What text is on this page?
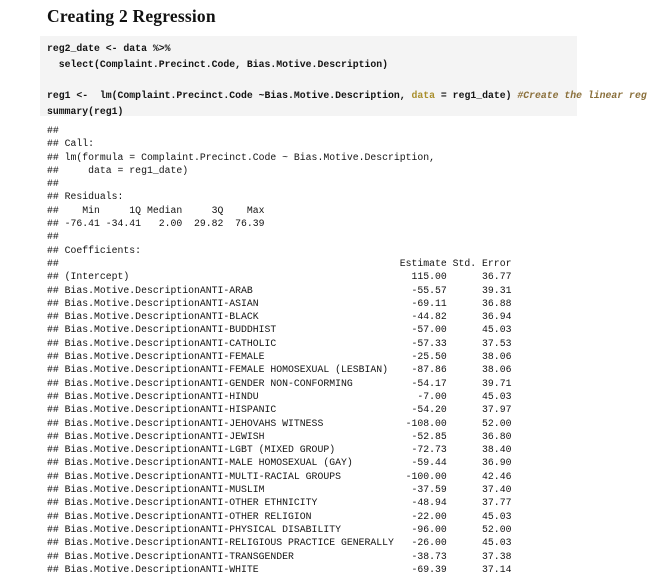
Creating 2 Regression
reg2_date <- data %>%
select(Complaint.Precinct.Code, Bias.Motive.Description)

reg1 <-  lm(Complaint.Precinct.Code ~Bias.Motive.Description, data = reg1_date) #Create the linear reg
summary(reg1)
##
## Call:
## lm(formula = Complaint.Precinct.Code ~ Bias.Motive.Description,
##     data = reg1_date)
##
## Residuals:
##    Min     1Q Median     3Q    Max
## -76.41 -34.41   2.00  29.82  76.39
##
## Coefficients:
##                                                          Estimate Std. Error
## (Intercept)                                                115.00      36.77
## Bias.Motive.DescriptionANTI-ARAB                           -55.57      39.31
## Bias.Motive.DescriptionANTI-ASIAN                          -69.11      36.88
## Bias.Motive.DescriptionANTI-BLACK                          -44.82      36.94
## Bias.Motive.DescriptionANTI-BUDDHIST                       -57.00      45.03
## Bias.Motive.DescriptionANTI-CATHOLIC                       -57.33      37.53
## Bias.Motive.DescriptionANTI-FEMALE                         -25.50      38.06
## Bias.Motive.DescriptionANTI-FEMALE HOMOSEXUAL (LESBIAN)    -87.86      38.06
## Bias.Motive.DescriptionANTI-GENDER NON-CONFORMING          -54.17      39.71
## Bias.Motive.DescriptionANTI-HINDU                           -7.00      45.03
## Bias.Motive.DescriptionANTI-HISPANIC                       -54.20      37.97
## Bias.Motive.DescriptionANTI-JEHOVAHS WITNESS              -108.00      52.00
## Bias.Motive.DescriptionANTI-JEWISH                         -52.85      36.80
## Bias.Motive.DescriptionANTI-LGBT (MIXED GROUP)             -72.73      38.40
## Bias.Motive.DescriptionANTI-MALE HOMOSEXUAL (GAY)          -59.44      36.90
## Bias.Motive.DescriptionANTI-MULTI-RACIAL GROUPS           -100.00      42.46
## Bias.Motive.DescriptionANTI-MUSLIM                         -37.59      37.40
## Bias.Motive.DescriptionANTI-OTHER ETHNICITY                -48.94      37.77
## Bias.Motive.DescriptionANTI-OTHER RELIGION                 -22.00      45.03
## Bias.Motive.DescriptionANTI-PHYSICAL DISABILITY            -96.00      52.00
## Bias.Motive.DescriptionANTI-RELIGIOUS PRACTICE GENERALLY   -26.00      45.03
## Bias.Motive.DescriptionANTI-TRANSGENDER                    -38.73      37.38
## Bias.Motive.DescriptionANTI-WHITE                          -69.39      37.14
